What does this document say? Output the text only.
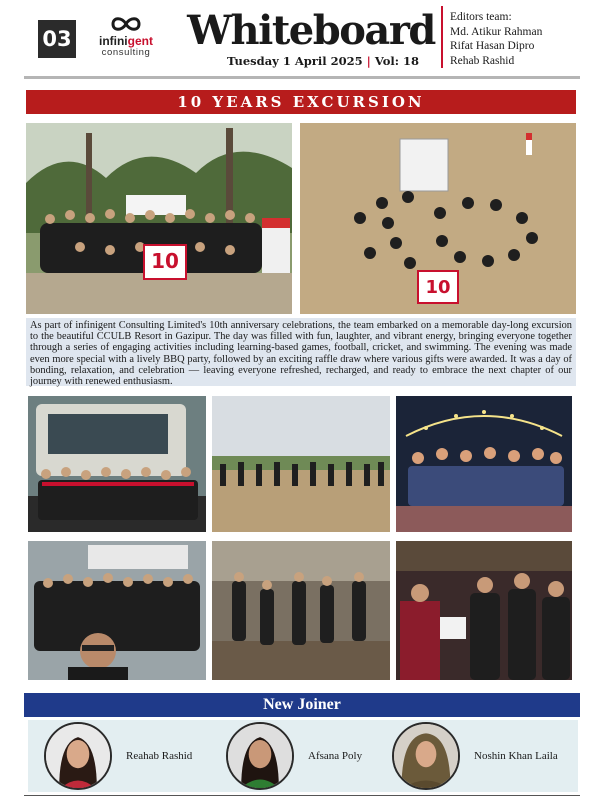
03	infinigent
consulting Whiteboard
Tuesday 1 April 2025 | Vol: 18
Editors team:
Md. Atikur Rahman
Rifat Hasan Dipro
Rehab Rashid
10 YEARS EXCURSION
10
10
As part of infinigent Consulting Limited's 10th anniversary celebrations, the team embarked on a memorable day-long excursion to the beautiful CCULB Resort in Gazipur. The day was filled with fun, laughter, and vibrant energy, bringing everyone together through a series of engaging activities including learning-based games, football, cricket, and swimming. The evening was made even more special with a lively BBQ party, followed by an exciting raffle draw where various gifts were awarded. It was a day of bonding, relaxation, and celebration — leaving everyone refreshed, recharged, and ready to embrace the next chapter of our journey with renewed enthusiasm.
New Joiner
Reahab Rashid	Afsana Poly	Noshin Khan Laila
